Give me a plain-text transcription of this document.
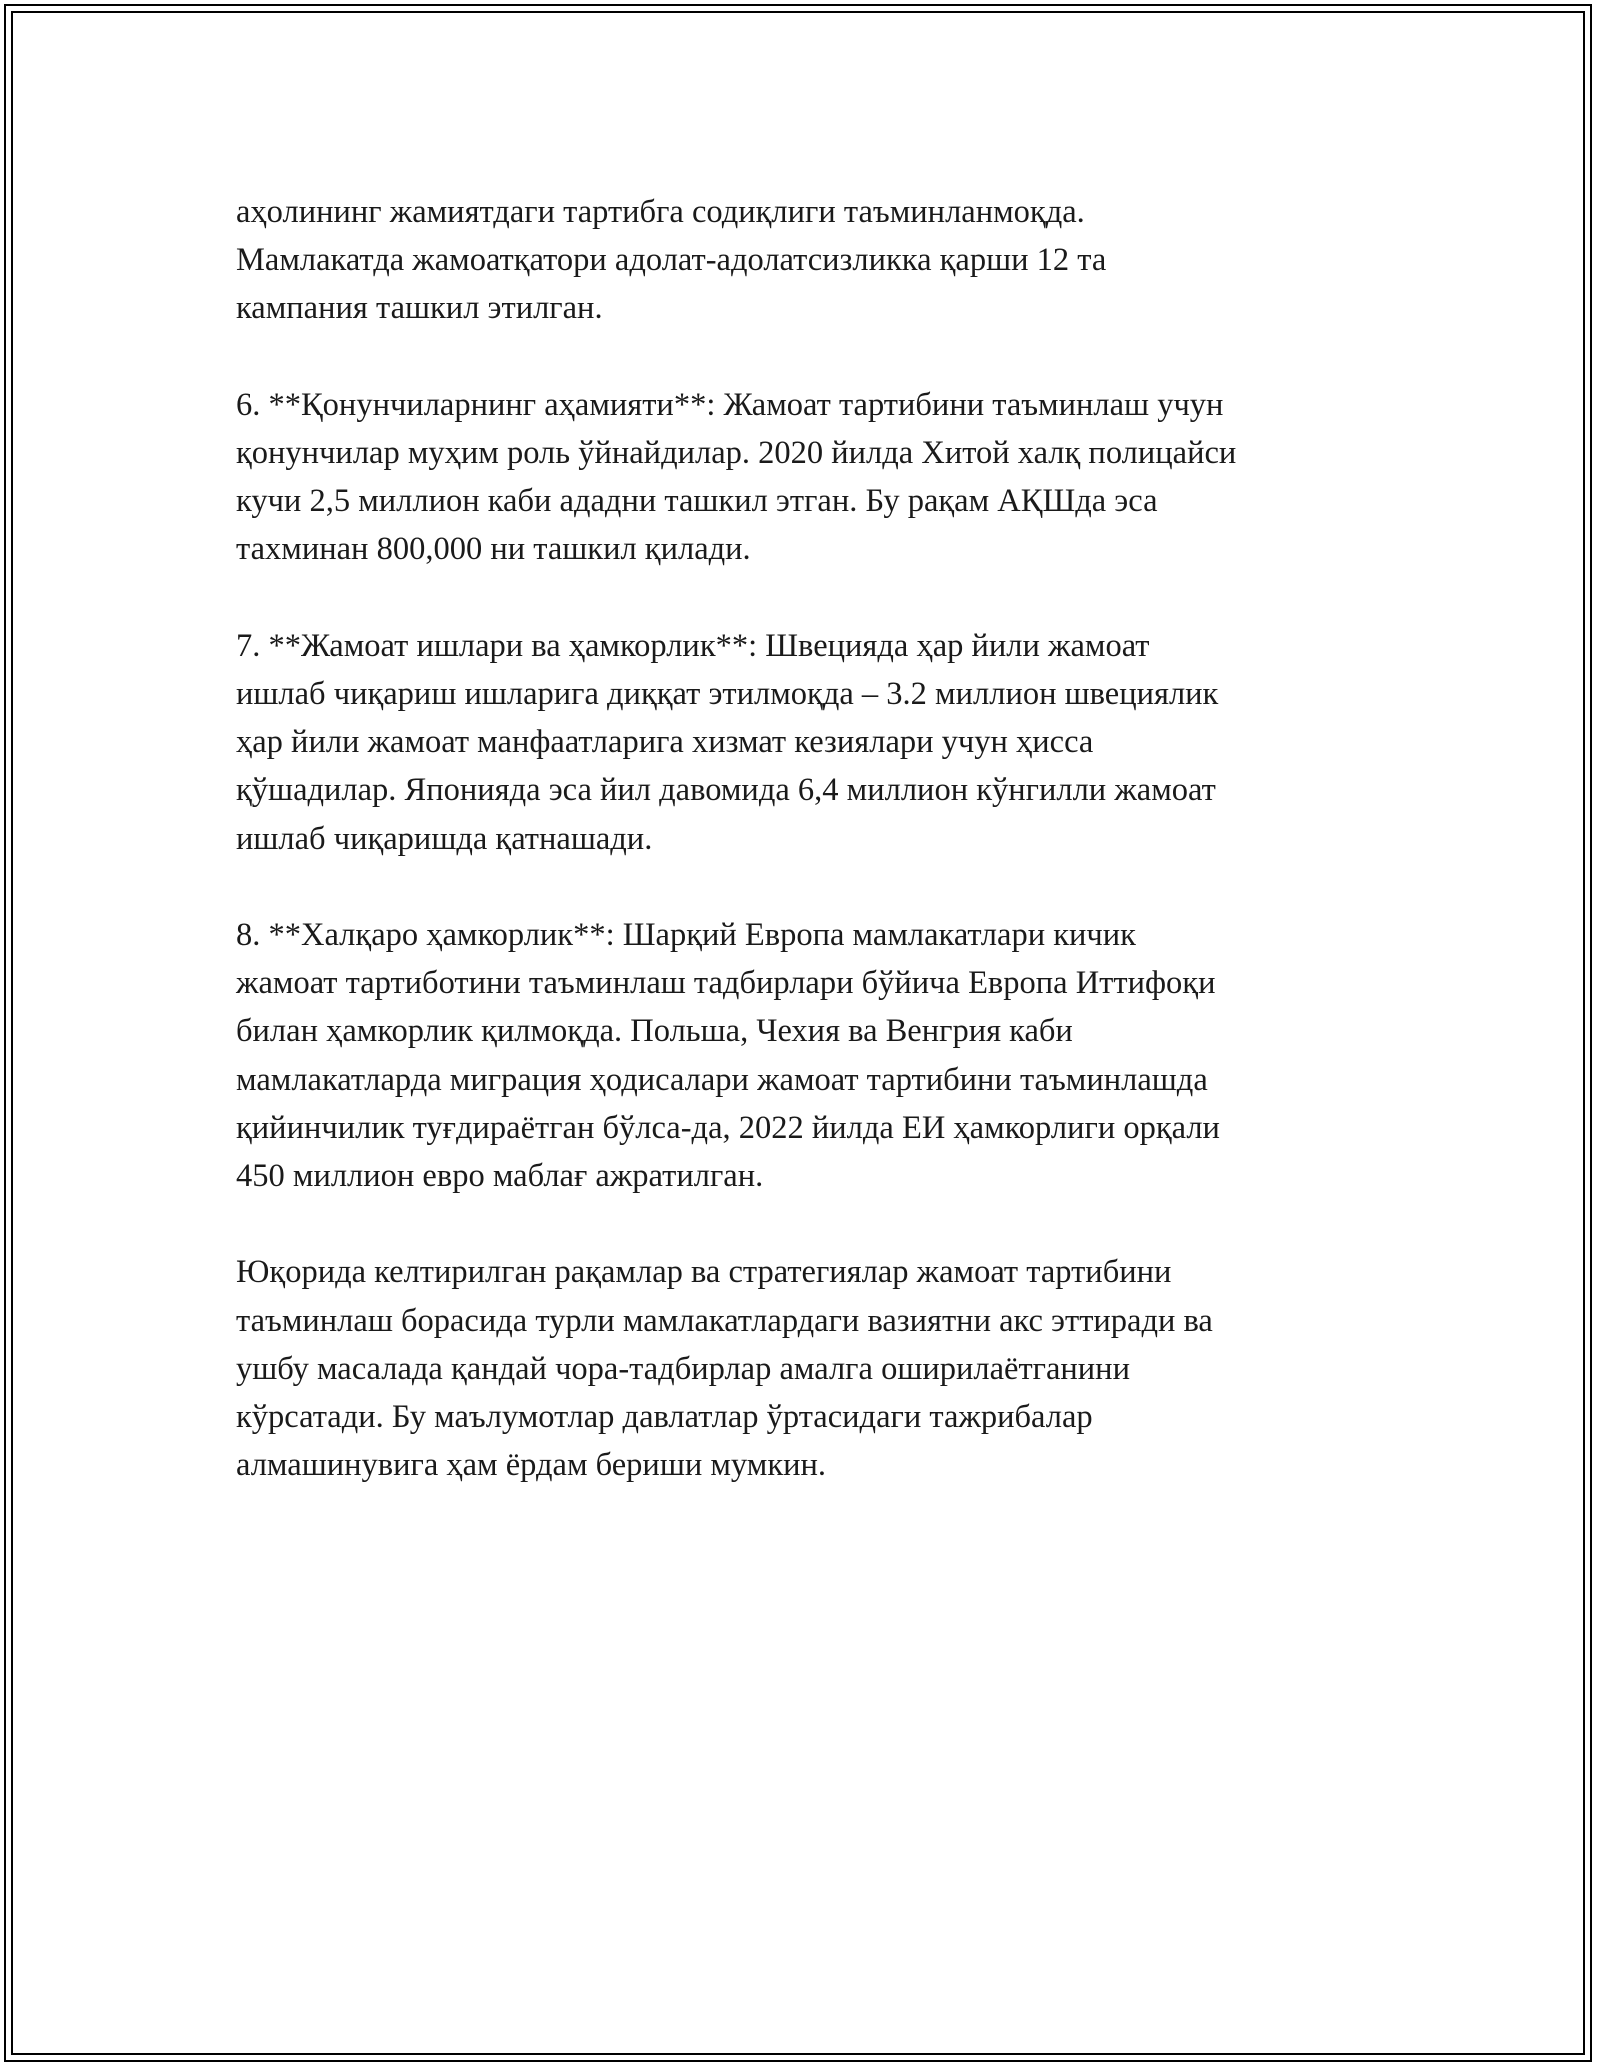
аҳолининг жамиятдаги тартибга содиқлиги таъминланмоқда.
Мамлакатда жамоатқатори адолат-адолатсизликка қарши 12 та
кампания ташкил этилган.

6. **Қонунчиларнинг аҳамияти**: Жамоат тартибини таъминлаш учун
қонунчилар муҳим роль ўйнайдилар. 2020 йилда Хитой халқ полицайси
кучи 2,5 миллион каби ададни ташкил этган. Бу рақам АҚШда эса
тахминан 800,000 ни ташкил қилади.

7. **Жамоат ишлари ва ҳамкорлик**: Швецияда ҳар йили жамоат
ишлаб чиқариш ишларига диққат этилмоқда – 3.2 миллион швециялик
ҳар йили жамоат манфаатларига хизмат кезиялари учун ҳисса
қўшадилар. Японияда эса йил давомида 6,4 миллион кўнгилли жамоат
ишлаб чиқаришда қатнашади.

8. **Халқаро ҳамкорлик**: Шарқий Европа мамлакатлари кичик
жамоат тартиботини таъминлаш тадбирлари бўйича Европа Иттифоқи
билан ҳамкорлик қилмоқда. Польша, Чехия ва Венгрия каби
мамлакатларда миграция ҳодисалари жамоат тартибини таъминлашда
қийинчилик туғдираётган бўлса-да, 2022 йилда ЕИ ҳамкорлиги орқали
450 миллион евро маблағ ажратилган.

Юқорида келтирилган рақамлар ва стратегиялар жамоат тартибини
таъминлаш борасида турли мамлакатлардаги вазиятни акс эттиради ва
ушбу масалада қандай чора-тадбирлар амалга оширилаётганини
кўрсатади. Бу маълумотлар давлатлар ўртасидаги тажрибалар
алмашинувига ҳам ёрдам бериши мумкин.
